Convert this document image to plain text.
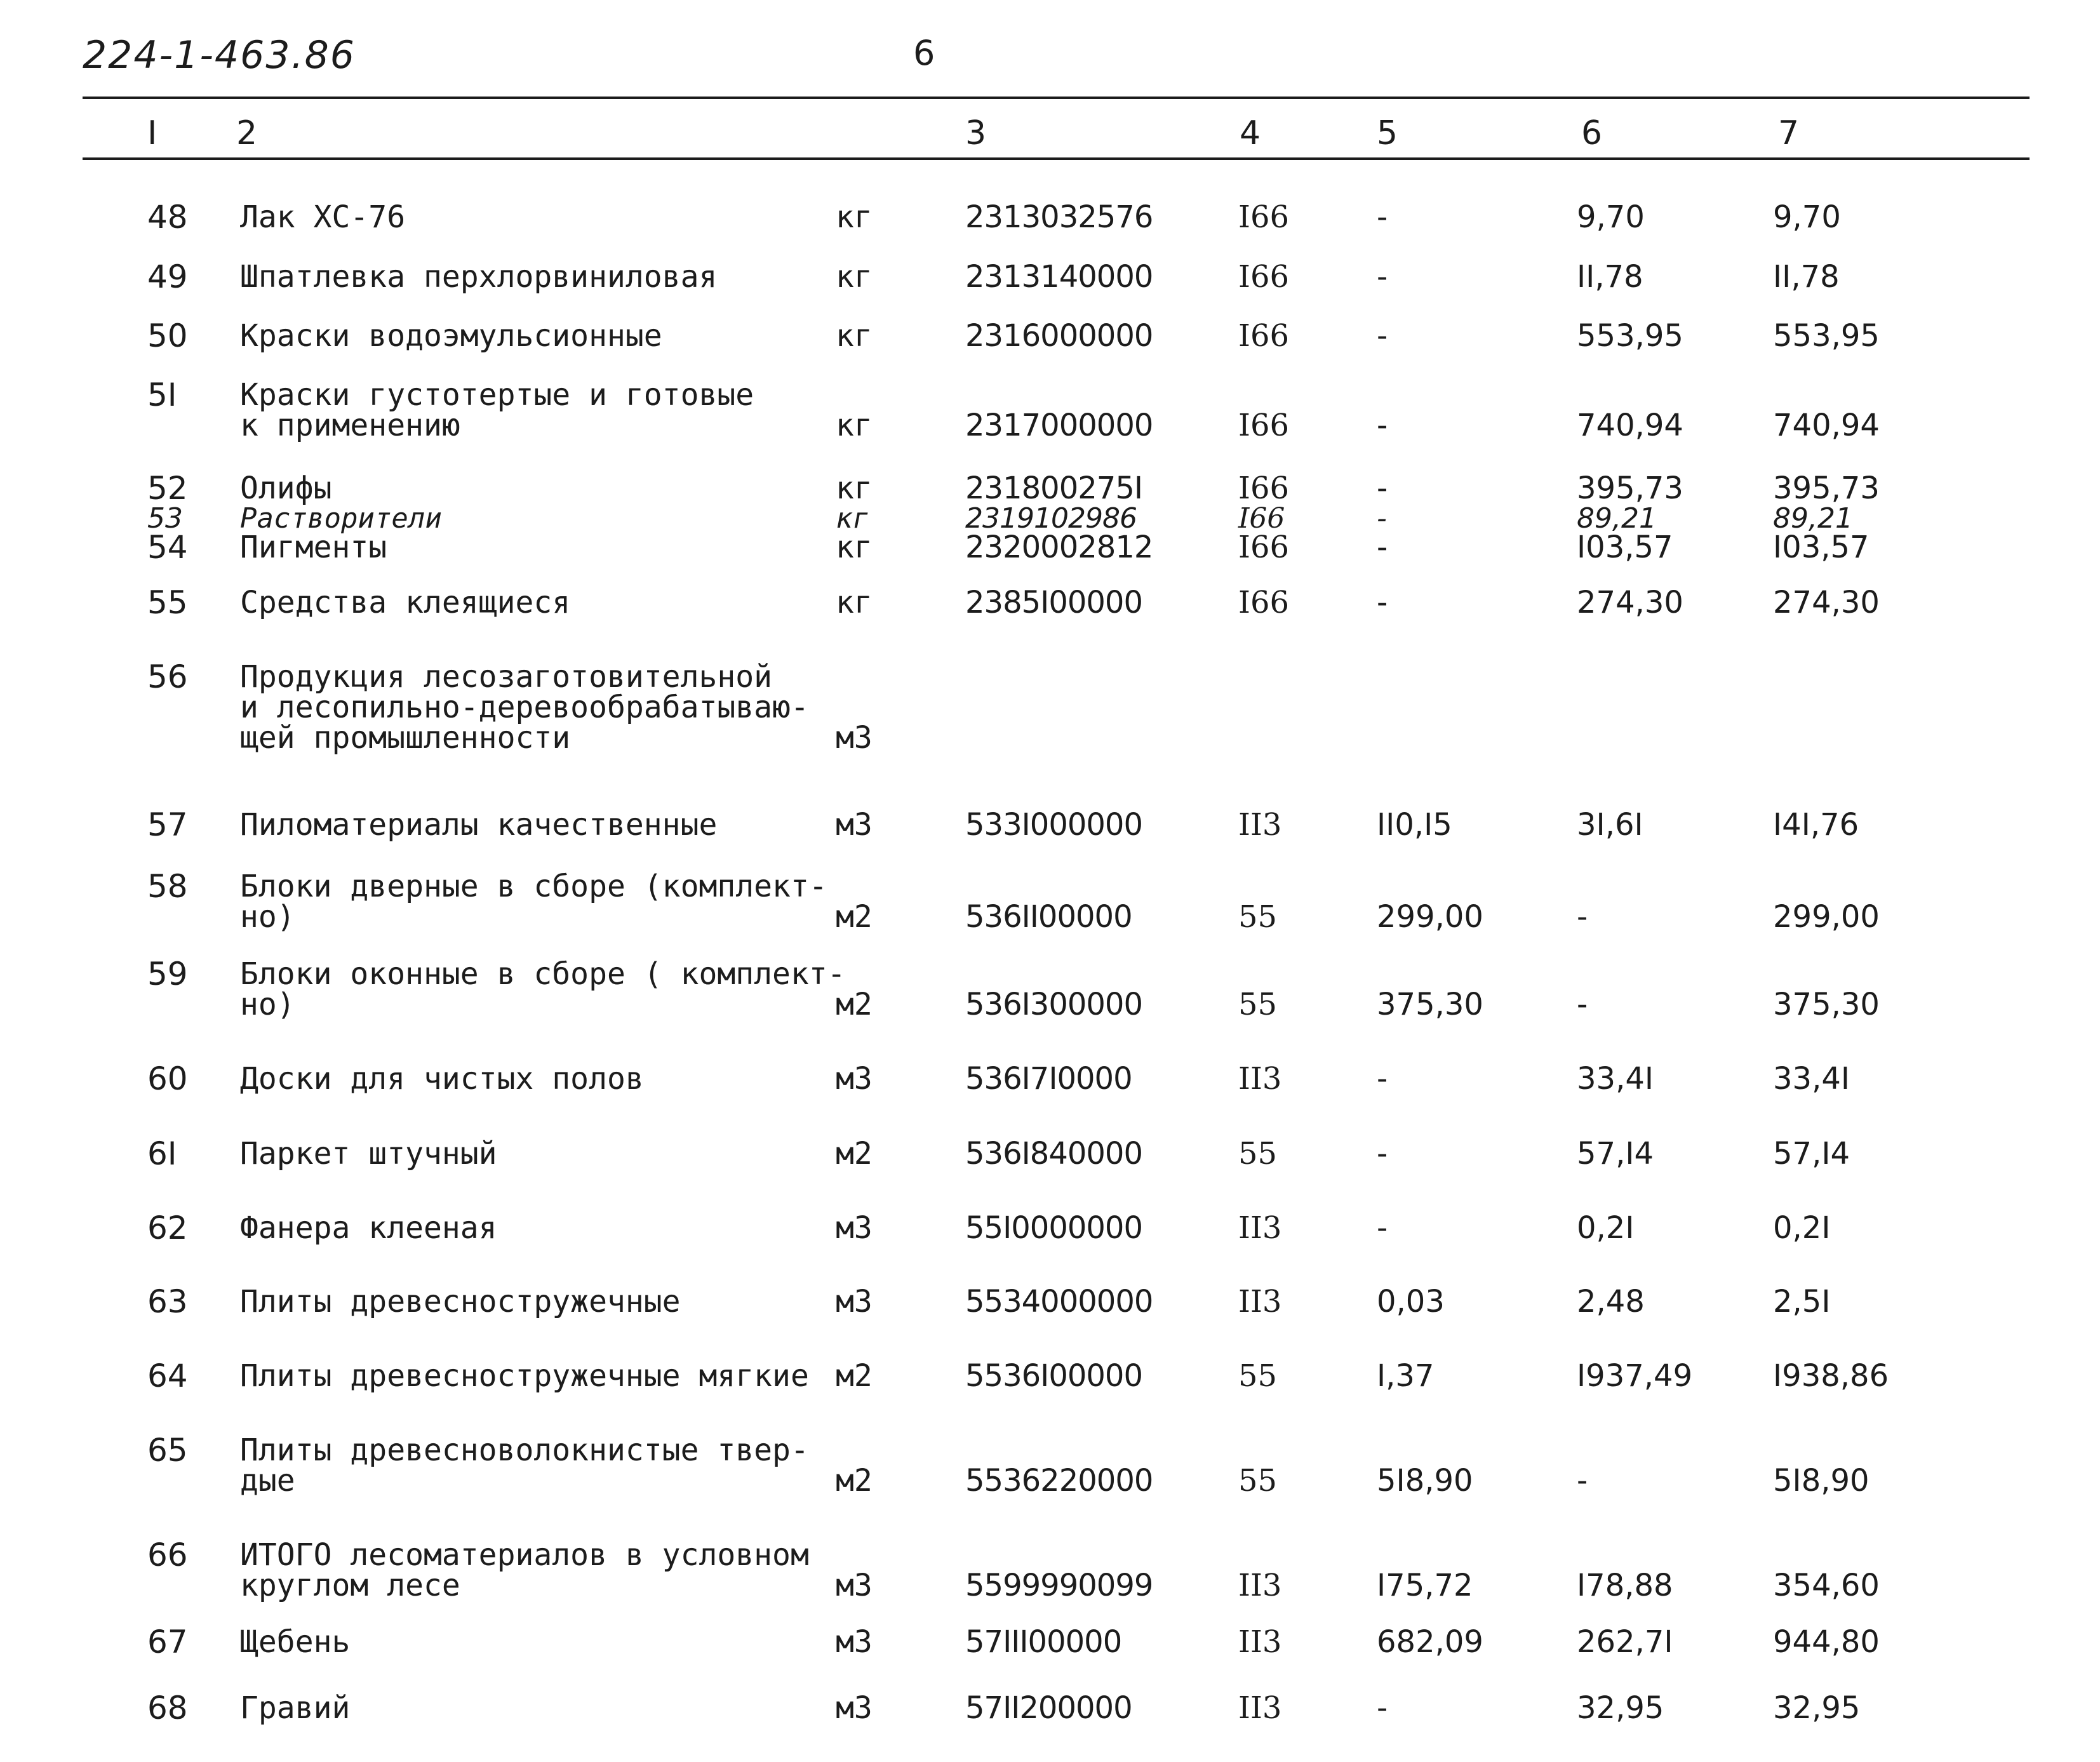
224-1-463.86	6
I 2	3	4	5	6	7
48 Лак ХС-76	кг	2313032576	I66	-	9,70	9,70
49 Шпатлевка перхлорвиниловая	кг	2313140000	I66	-	II,78	II,78
50 Краски водоэмульсионные	кг	2316000000	I66	-	553,95	553,95
5I Краски густотертые и готовые
к применению	кг	2317000000	I66	-	740,94	740,94
52 Олифы	кг	231800275I	I66	-	395,73	395,73
53 Растворители	кг	2319102986	I66	-	89,21	89,21
54 Пигменты	кг	2320002812	I66	-	I03,57	I03,57
55 Средства клеящиеся	кг	2385I00000	I66	-	274,30	274,30
56 Продукция лесозаготовительной
и лесопильно-деревообрабатываю-
щей промышленности	м3
57 Пиломатериалы качественные	м3	533I000000	II3	II0,I5	3I,6I	I4I,76
58 Блоки дверные в сборе (комплект-
но)	м2	536II00000	55	299,00	-	299,00
59 Блоки оконные в сборе ( комплект-
но)	м2	536I300000	55	375,30	-	375,30
60 Доски для чистых полов	м3	536I7I0000	II3	-	33,4I	33,4I
6I Паркет штучный	м2	536I840000	55	-	57,I4	57,I4
62 Фанера клееная	м3	55I0000000	II3	-	0,2I	0,2I
63 Плиты древесностружечные	м3	5534000000	II3	0,03	2,48	2,5I
64 Плиты древесностружечные мягкие м2	5536I00000	55	I,37	I937,49	I938,86
65 Плиты древесноволокнистые твер-
дые	м2	5536220000	55	5I8,90	-	5I8,90
66 ИТОГО лесоматериалов в условном
круглом лесе	м3	5599990099	II3	I75,72	I78,88	354,60
67 Щебень	м3	57III00000	II3	682,09	262,7I	944,80
68 Гравий	м3	57II200000	II3	-	32,95	32,95
